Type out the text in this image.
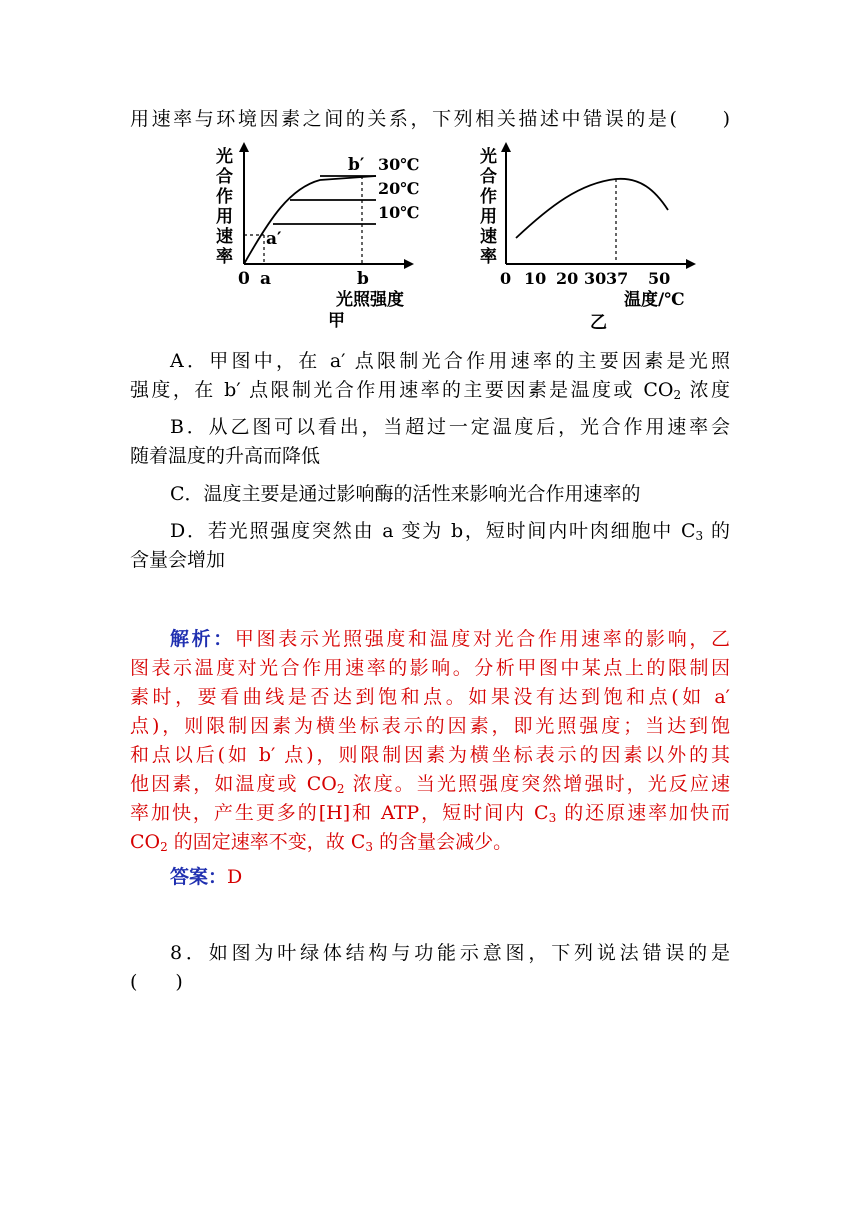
用速率与环境因素之间的关系，下列相关描述中错误的是(　　)
光
合
作
用
速
率
b′ 30℃
20℃
10℃
a′
0 a	b
光照强度
甲
光
合
作
用
速
率
0 10 20 30 37 50
温度/℃
乙
A．甲图中，在 a′ 点限制光合作用速率的主要因素是光照
强度，在 b′ 点限制光合作用速率的主要因素是温度或 $CO_2$ 浓度
B．从乙图可以看出，当超过一定温度后，光合作用速率会
随着温度的升高而降低
C．温度主要是通过影响酶的活性来影响光合作用速率的
D．若光照强度突然由 a 变为 b，短时间内叶肉细胞中 $C_3$ 的
含量会增加
解析：甲图表示光照强度和温度对光合作用速率的影响，乙
图表示温度对光合作用速率的影响。分析甲图中某点上的限制因
素时，要看曲线是否达到饱和点。如果没有达到饱和点(如 a′
点)，则限制因素为横坐标表示的因素，即光照强度；当达到饱
和点以后(如 b′ 点)，则限制因素为横坐标表示的因素以外的其
他因素，如温度或 $CO_2$ 浓度。当光照强度突然增强时，光反应速
率加快，产生更多的[H]和 ATP，短时间内 $C_3$ 的还原速率加快而
$CO_2$ 的固定速率不变，故 $C_3$ 的含量会减少。
答案：D
8．如图为叶绿体结构与功能示意图，下列说法错误的是
(　　)
